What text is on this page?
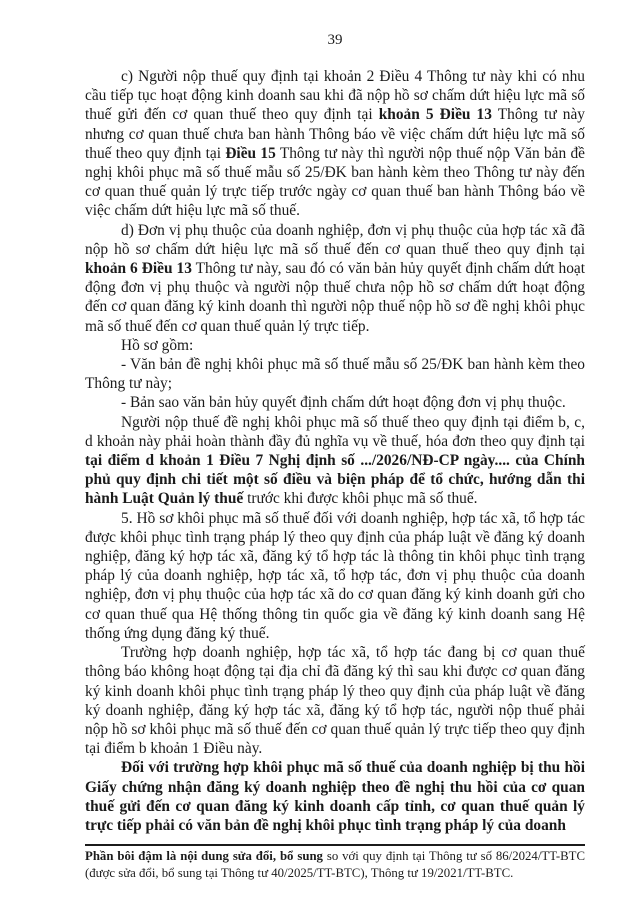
39

c) Người nộp thuế quy định tại khoản 2 Điều 4 Thông tư này khi có nhu cầu tiếp tục hoạt động kinh doanh sau khi đã nộp hồ sơ chấm dứt hiệu lực mã số thuế gửi đến cơ quan thuế theo quy định tại khoản 5 Điều 13 Thông tư này nhưng cơ quan thuế chưa ban hành Thông báo về việc chấm dứt hiệu lực mã số thuế theo quy định tại Điều 15 Thông tư này thì người nộp thuế nộp Văn bản đề nghị khôi phục mã số thuế mẫu số 25/ĐK ban hành kèm theo Thông tư này đến cơ quan thuế quản lý trực tiếp trước ngày cơ quan thuế ban hành Thông báo về việc chấm dứt hiệu lực mã số thuế.

d) Đơn vị phụ thuộc của doanh nghiệp, đơn vị phụ thuộc của hợp tác xã đã nộp hồ sơ chấm dứt hiệu lực mã số thuế đến cơ quan thuế theo quy định tại khoản 6 Điều 13 Thông tư này, sau đó có văn bản hủy quyết định chấm dứt hoạt động đơn vị phụ thuộc và người nộp thuế chưa nộp hồ sơ chấm dứt hoạt động đến cơ quan đăng ký kinh doanh thì người nộp thuế nộp hồ sơ đề nghị khôi phục mã số thuế đến cơ quan thuế quản lý trực tiếp.

Hồ sơ gồm:

- Văn bản đề nghị khôi phục mã số thuế mẫu số 25/ĐK ban hành kèm theo Thông tư này;

- Bản sao văn bản hủy quyết định chấm dứt hoạt động đơn vị phụ thuộc.

Người nộp thuế đề nghị khôi phục mã số thuế theo quy định tại điểm b, c, d khoản này phải hoàn thành đầy đủ nghĩa vụ về thuế, hóa đơn theo quy định tại tại điểm d khoản 1 Điều 7 Nghị định số .../2026/NĐ-CP ngày.... của Chính phủ quy định chi tiết một số điều và biện pháp để tổ chức, hướng dẫn thi hành Luật Quản lý thuế trước khi được khôi phục mã số thuế.

5. Hồ sơ khôi phục mã số thuế đối với doanh nghiệp, hợp tác xã, tổ hợp tác được khôi phục tình trạng pháp lý theo quy định của pháp luật về đăng ký doanh nghiệp, đăng ký hợp tác xã, đăng ký tổ hợp tác là thông tin khôi phục tình trạng pháp lý của doanh nghiệp, hợp tác xã, tổ hợp tác, đơn vị phụ thuộc của doanh nghiệp, đơn vị phụ thuộc của hợp tác xã do cơ quan đăng ký kinh doanh gửi cho cơ quan thuế qua Hệ thống thông tin quốc gia về đăng ký kinh doanh sang Hệ thống ứng dụng đăng ký thuế.

Trường hợp doanh nghiệp, hợp tác xã, tổ hợp tác đang bị cơ quan thuế thông báo không hoạt động tại địa chỉ đã đăng ký thì sau khi được cơ quan đăng ký kinh doanh khôi phục tình trạng pháp lý theo quy định của pháp luật về đăng ký doanh nghiệp, đăng ký hợp tác xã, đăng ký tổ hợp tác, người nộp thuế phải nộp hồ sơ khôi phục mã số thuế đến cơ quan thuế quản lý trực tiếp theo quy định tại điểm b khoản 1 Điều này.

Đối với trường hợp khôi phục mã số thuế của doanh nghiệp bị thu hồi Giấy chứng nhận đăng ký doanh nghiệp theo đề nghị thu hồi của cơ quan thuế gửi đến cơ quan đăng ký kinh doanh cấp tỉnh, cơ quan thuế quản lý trực tiếp phải có văn bản đề nghị khôi phục tình trạng pháp lý của doanh

Phần bôi đậm là nội dung sửa đổi, bổ sung so với quy định tại Thông tư số 86/2024/TT-BTC (được sửa đổi, bổ sung tại Thông tư 40/2025/TT-BTC), Thông tư 19/2021/TT-BTC.
